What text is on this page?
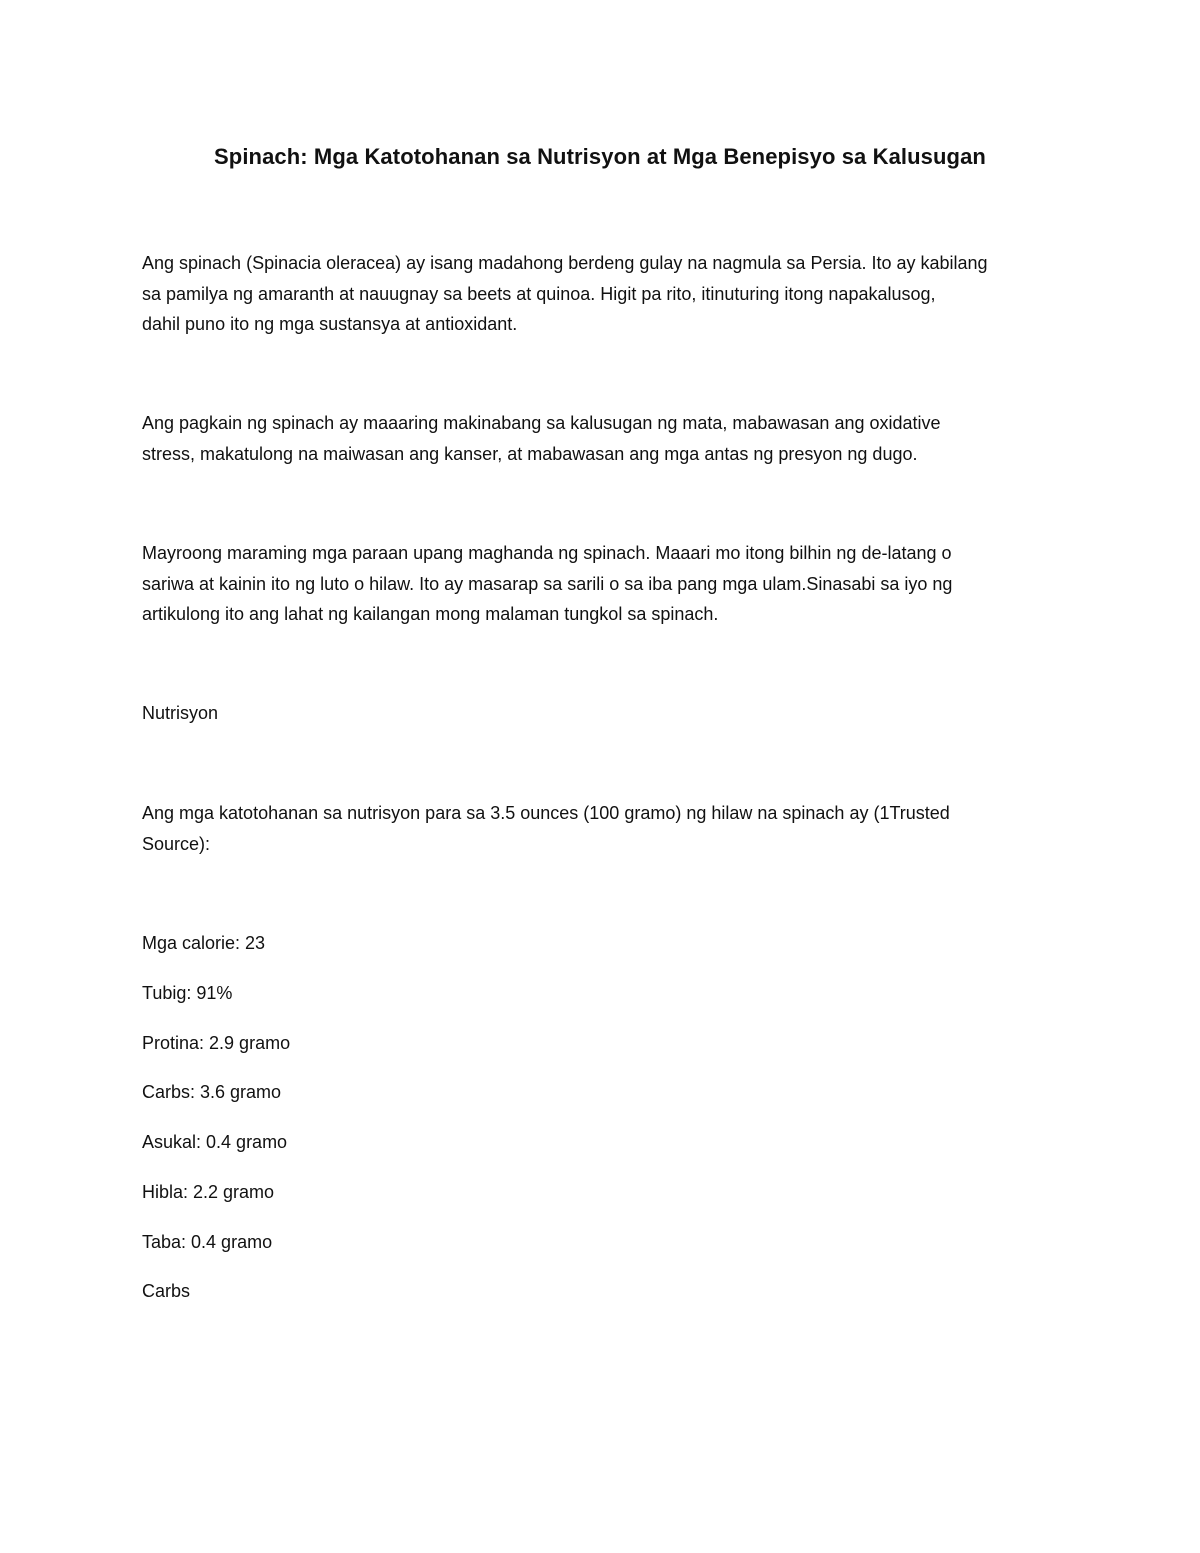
Spinach: Mga Katotohanan sa Nutrisyon at Mga Benepisyo sa Kalusugan

Ang spinach (Spinacia oleracea) ay isang madahong berdeng gulay na nagmula sa Persia. Ito ay kabilang
sa pamilya ng amaranth at nauugnay sa beets at quinoa. Higit pa rito, itinuturing itong napakalusog,
dahil puno ito ng mga sustansya at antioxidant.

Ang pagkain ng spinach ay maaaring makinabang sa kalusugan ng mata, mabawasan ang oxidative
stress, makatulong na maiwasan ang kanser, at mabawasan ang mga antas ng presyon ng dugo.

Mayroong maraming mga paraan upang maghanda ng spinach. Maaari mo itong bilhin ng de-latang o
sariwa at kainin ito ng luto o hilaw. Ito ay masarap sa sarili o sa iba pang mga ulam.Sinasabi sa iyo ng
artikulong ito ang lahat ng kailangan mong malaman tungkol sa spinach.

Nutrisyon

Ang mga katotohanan sa nutrisyon para sa 3.5 ounces (100 gramo) ng hilaw na spinach ay (1Trusted
Source):

Mga calorie: 23

Tubig: 91%

Protina: 2.9 gramo

Carbs: 3.6 gramo

Asukal: 0.4 gramo

Hibla: 2.2 gramo

Taba: 0.4 gramo

Carbs
